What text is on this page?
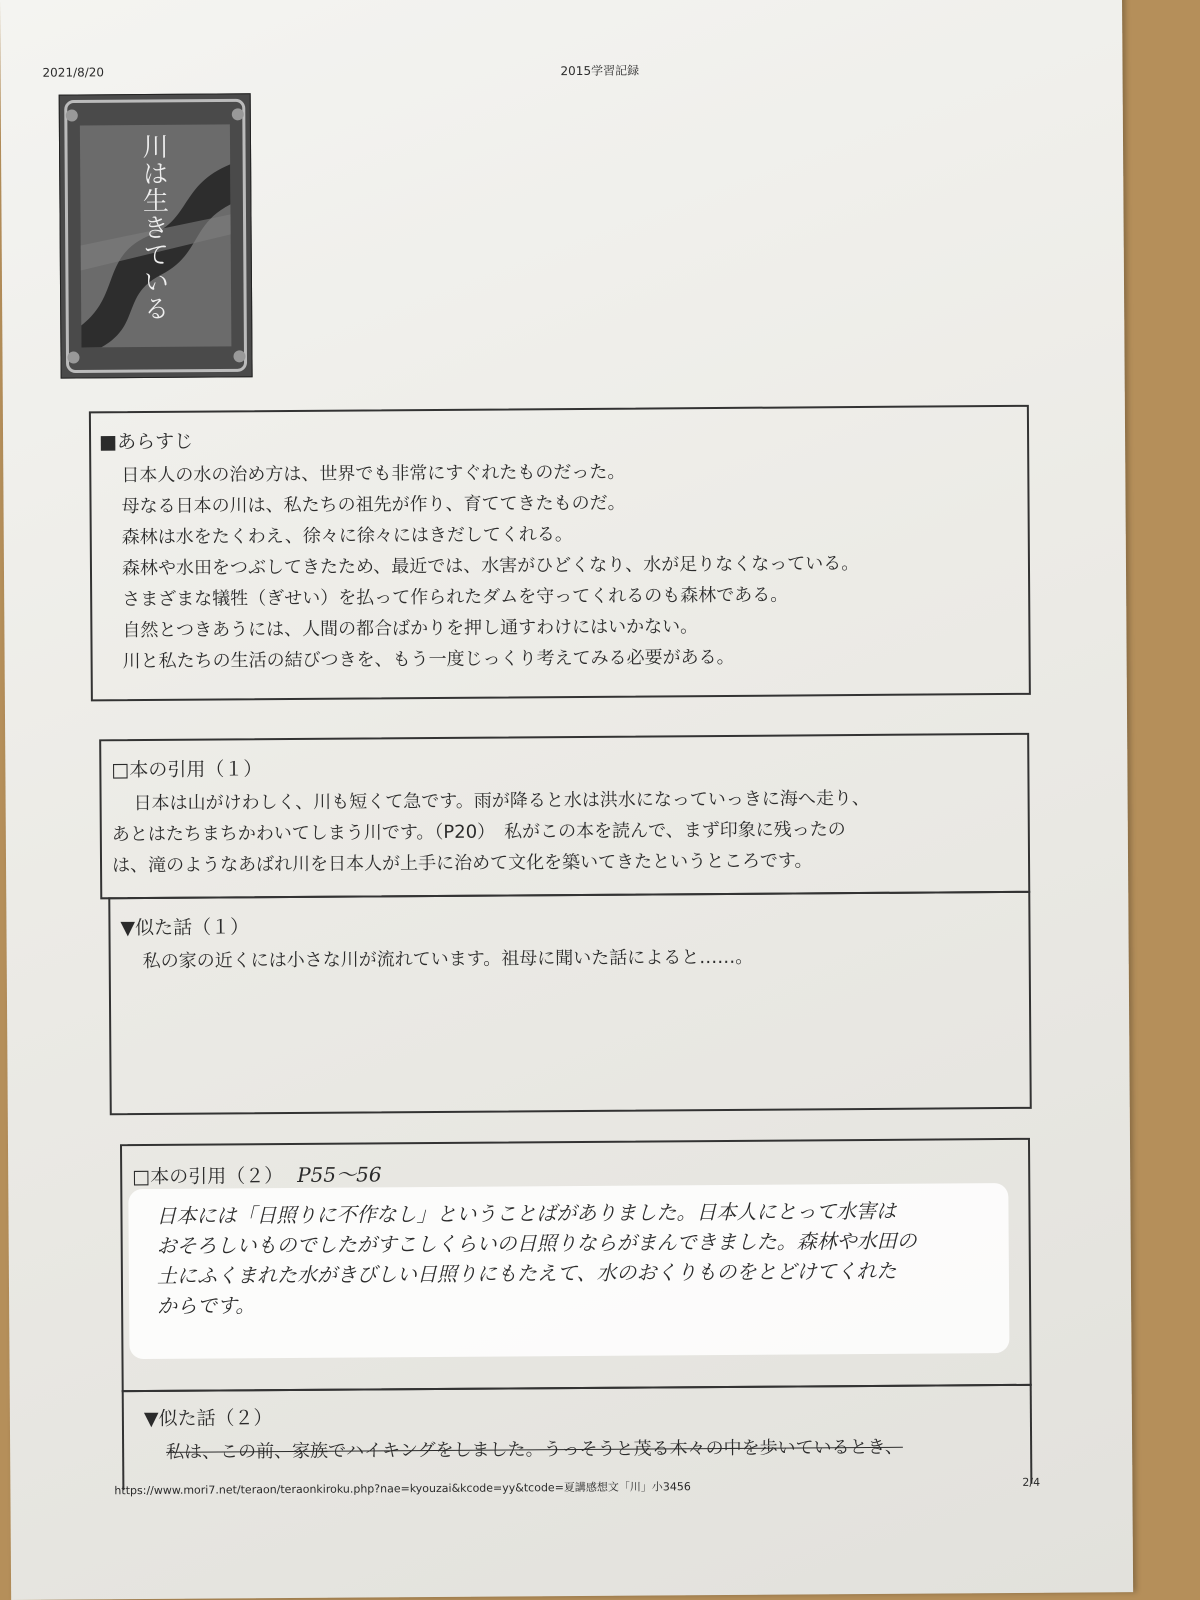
2021/8/20	2015学習記録
川は生きている
■あらすじ
日本人の水の治め方は、世界でも非常にすぐれたものだった。
母なる日本の川は、私たちの祖先が作り、育ててきたものだ。
森林は水をたくわえ、徐々に徐々にはきだしてくれる。
森林や水田をつぶしてきたため、最近では、水害がひどくなり、水が足りなくなっている。
さまざまな犠牲（ぎせい）を払って作られたダムを守ってくれるのも森林である。
自然とつきあうには、人間の都合ばかりを押し通すわけにはいかない。
川と私たちの生活の結びつきを、もう一度じっくり考えてみる必要がある。
□本の引用（１）
日本は山がけわしく、川も短くて急です。雨が降ると水は洪水になっていっきに海へ走り、
あとはたちまちかわいてしまう川です。（P20）　私がこの本を読んで、まず印象に残ったの
は、滝のようなあばれ川を日本人が上手に治めて文化を築いてきたというところです。
▼似た話（１）
私の家の近くには小さな川が流れています。祖母に聞いた話によると……。
□本の引用（２） P55〜56
日本には「日照りに不作なし」ということばがありました。日本人にとって水害は
おそろしいものでしたがすこしくらいの日照りならがまんできました。森林や水田の
土にふくまれた水がきびしい日照りにもたえて、水のおくりものをとどけてくれた
からです。
▼似た話（２）
私は、この前、家族でハイキングをしました。うっそうと茂る木々の中を歩いているとき、
https://www.mori7.net/teraon/teraonkiroku.php?nae=kyouzai&kcode=yy&tcode=夏講感想文「川」小3456	2/4
